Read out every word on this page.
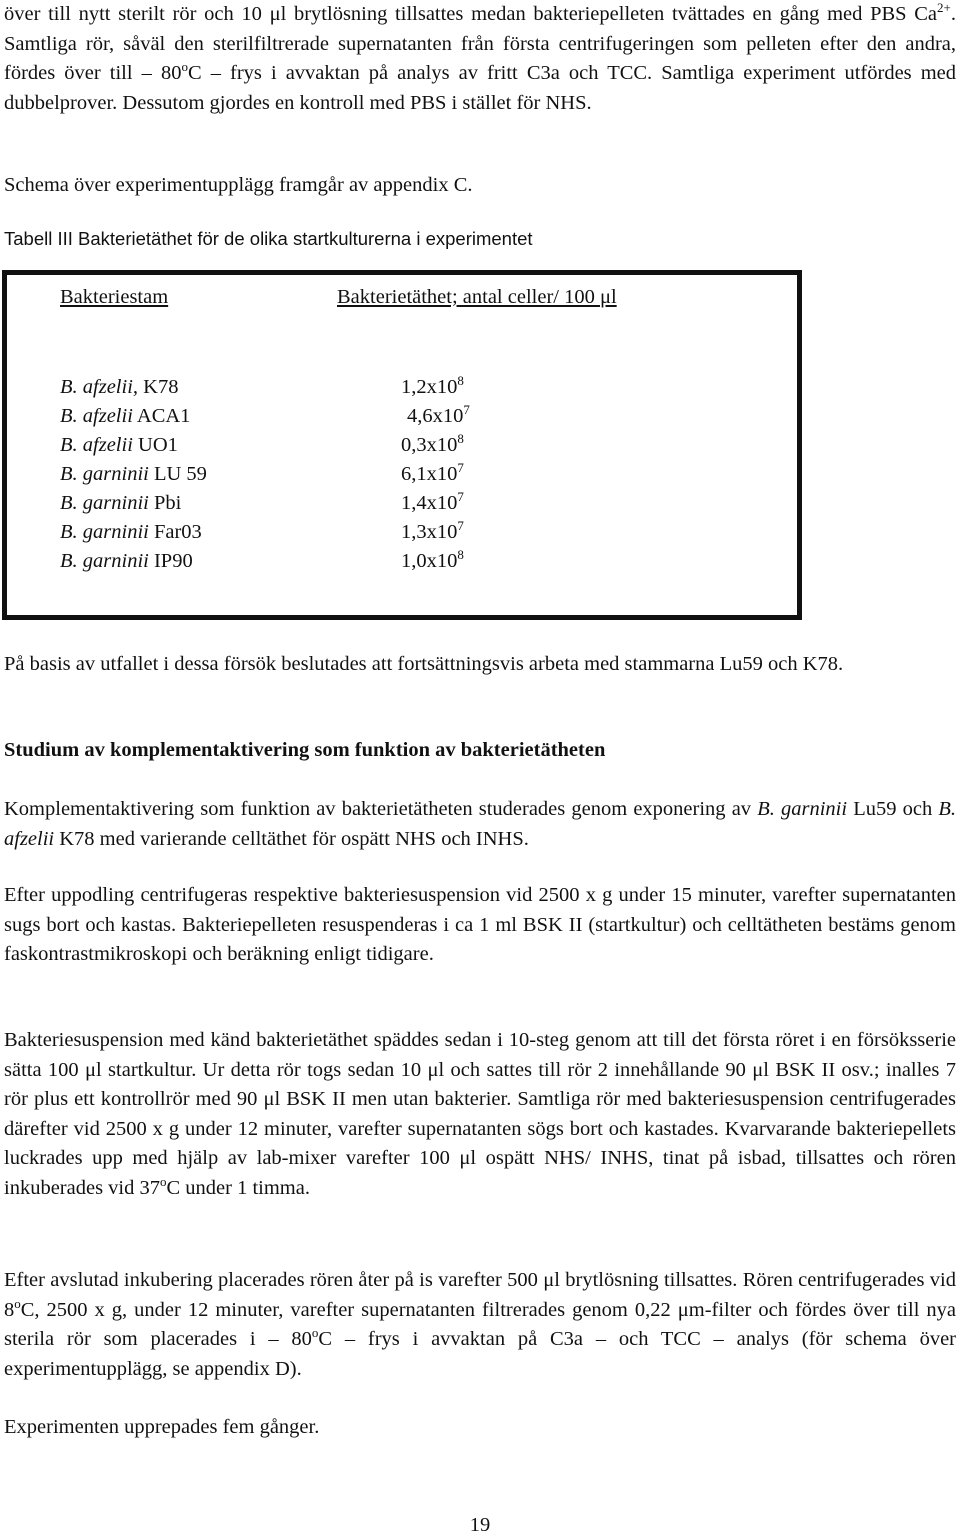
över till nytt sterilt rör och 10 μl brytlösning tillsattes medan bakteriepelleten tvättades en gång med PBS $Ca^{2+}$. Samtliga rör, såväl den sterilfiltrerade supernatanten från första centrifugeringen som pelleten efter den andra, fördes över till – 80$^o$C – frys i avvaktan på analys av fritt C3a och TCC. Samtliga experiment utfördes med dubbelprover. Dessutom gjordes en kontroll med PBS i stället för NHS.

Schema över experimentupplägg framgår av appendix C.

Tabell III Bakterietäthet för de olika startkulturerna i experimentet

Bakteriestam	Bakterietäthet; antal celler/ 100 μl
B. afzelii, K78	$1,2x10^8$
B. afzelii ACA1	$4,6x10^7$
B. afzelii UO1	$0,3x10^8$
B. garninii LU 59	$6,1x10^7$
B. garninii Pbi	$1,4x10^7$
B. garninii Far03	$1,3x10^7$
B. garninii IP90	$1,0x10^8$

På basis av utfallet i dessa försök beslutades att fortsättningsvis arbeta med stammarna Lu59 och K78.

Studium av komplementaktivering som funktion av bakterietätheten

Komplementaktivering som funktion av bakterietätheten studerades genom exponering av B. garninii Lu59 och B. afzelii K78 med varierande celltäthet för ospätt NHS och INHS.

Efter uppodling centrifugeras respektive bakteriesuspension vid 2500 x g under 15 minuter, varefter supernatanten sugs bort och kastas. Bakteriepelleten resuspenderas i ca 1 ml BSK II (startkultur) och celltätheten bestäms genom faskontrastmikroskopi och beräkning enligt tidigare.

Bakteriesuspension med känd bakterietäthet späddes sedan i 10-steg genom att till det första röret i en försöksserie sätta 100 μl startkultur. Ur detta rör togs sedan 10 μl och sattes till rör 2 innehållande 90 μl BSK II osv.; inalles 7 rör plus ett kontrollrör med 90 μl BSK II men utan bakterier. Samtliga rör med bakteriesuspension centrifugerades därefter vid 2500 x g under 12 minuter, varefter supernatanten sögs bort och kastades. Kvarvarande bakteriepellets luckrades upp med hjälp av lab-mixer varefter 100 μl ospätt NHS/ INHS, tinat på isbad, tillsattes och rören inkuberades vid 37$^o$C under 1 timma.

Efter avslutad inkubering placerades rören åter på is varefter 500 μl brytlösning tillsattes. Rören centrifugerades vid 8$^o$C, 2500 x g, under 12 minuter, varefter supernatanten filtrerades genom 0,22 μm-filter och fördes över till nya sterila rör som placerades i – 80$^o$C – frys i avvaktan på C3a – och TCC – analys (för schema över experimentupplägg, se appendix D).

Experimenten upprepades fem gånger.

19
